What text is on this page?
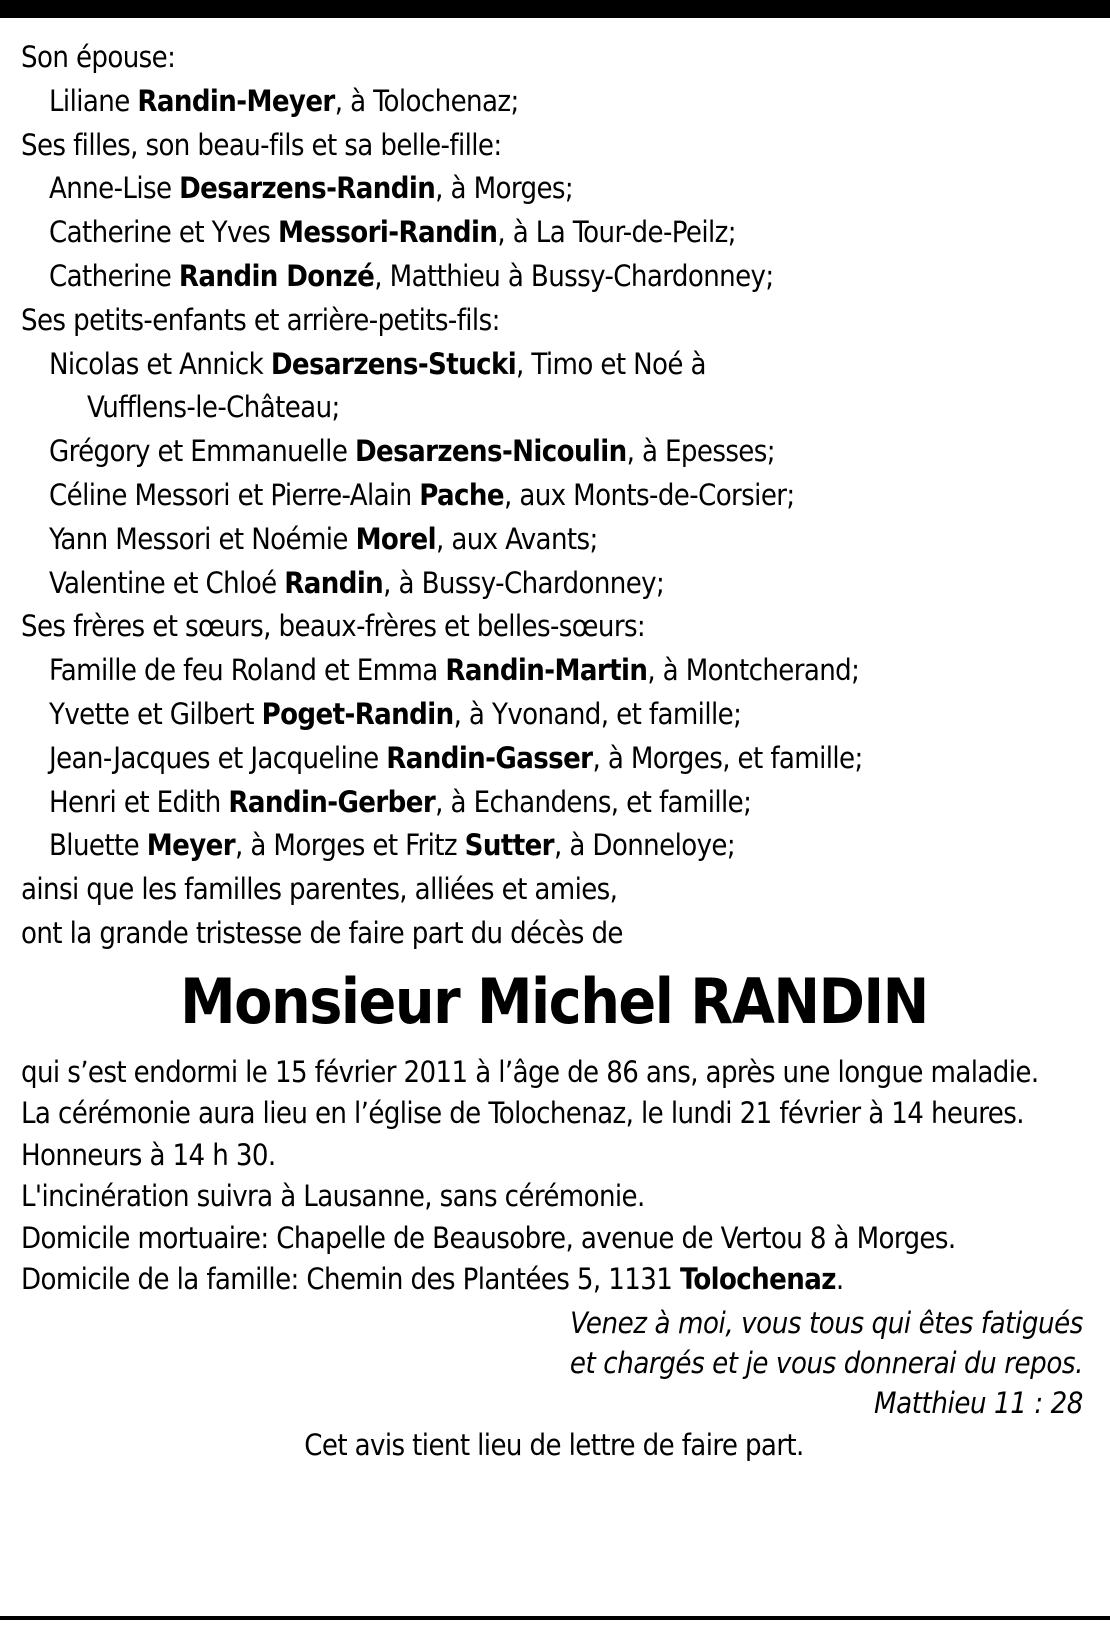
Son épouse:
Liliane Randin-Meyer, à Tolochenaz;
Ses filles, son beau-fils et sa belle-fille:
Anne-Lise Desarzens-Randin, à Morges;
Catherine et Yves Messori-Randin, à La Tour-de-Peilz;
Catherine Randin Donzé, Matthieu à Bussy-Chardonney;
Ses petits-enfants et arrière-petits-fils:
Nicolas et Annick Desarzens-Stucki, Timo et Noé à
Vufflens-le-Château;
Grégory et Emmanuelle Desarzens-Nicoulin, à Epesses;
Céline Messori et Pierre-Alain Pache, aux Monts-de-Corsier;
Yann Messori et Noémie Morel, aux Avants;
Valentine et Chloé Randin, à Bussy-Chardonney;
Ses frères et sœurs, beaux-frères et belles-sœurs:
Famille de feu Roland et Emma Randin-Martin, à Montcherand;
Yvette et Gilbert Poget-Randin, à Yvonand, et famille;
Jean-Jacques et Jacqueline Randin-Gasser, à Morges, et famille;
Henri et Edith Randin-Gerber, à Echandens, et famille;
Bluette Meyer, à Morges et Fritz Sutter, à Donneloye;
ainsi que les familles parentes, alliées et amies,
ont la grande tristesse de faire part du décès de
Monsieur Michel RANDIN
qui s’est endormi le 15 février 2011 à l’âge de 86 ans, après une longue maladie.
La cérémonie aura lieu en l’église de Tolochenaz, le lundi 21 février à 14 heures.
Honneurs à 14 h 30.
L'incinération suivra à Lausanne, sans cérémonie.
Domicile mortuaire: Chapelle de Beausobre, avenue de Vertou 8 à Morges.
Domicile de la famille: Chemin des Plantées 5, 1131 Tolochenaz.
Venez à moi, vous tous qui êtes fatigués
et chargés et je vous donnerai du repos.
Matthieu 11 : 28
Cet avis tient lieu de lettre de faire part.
